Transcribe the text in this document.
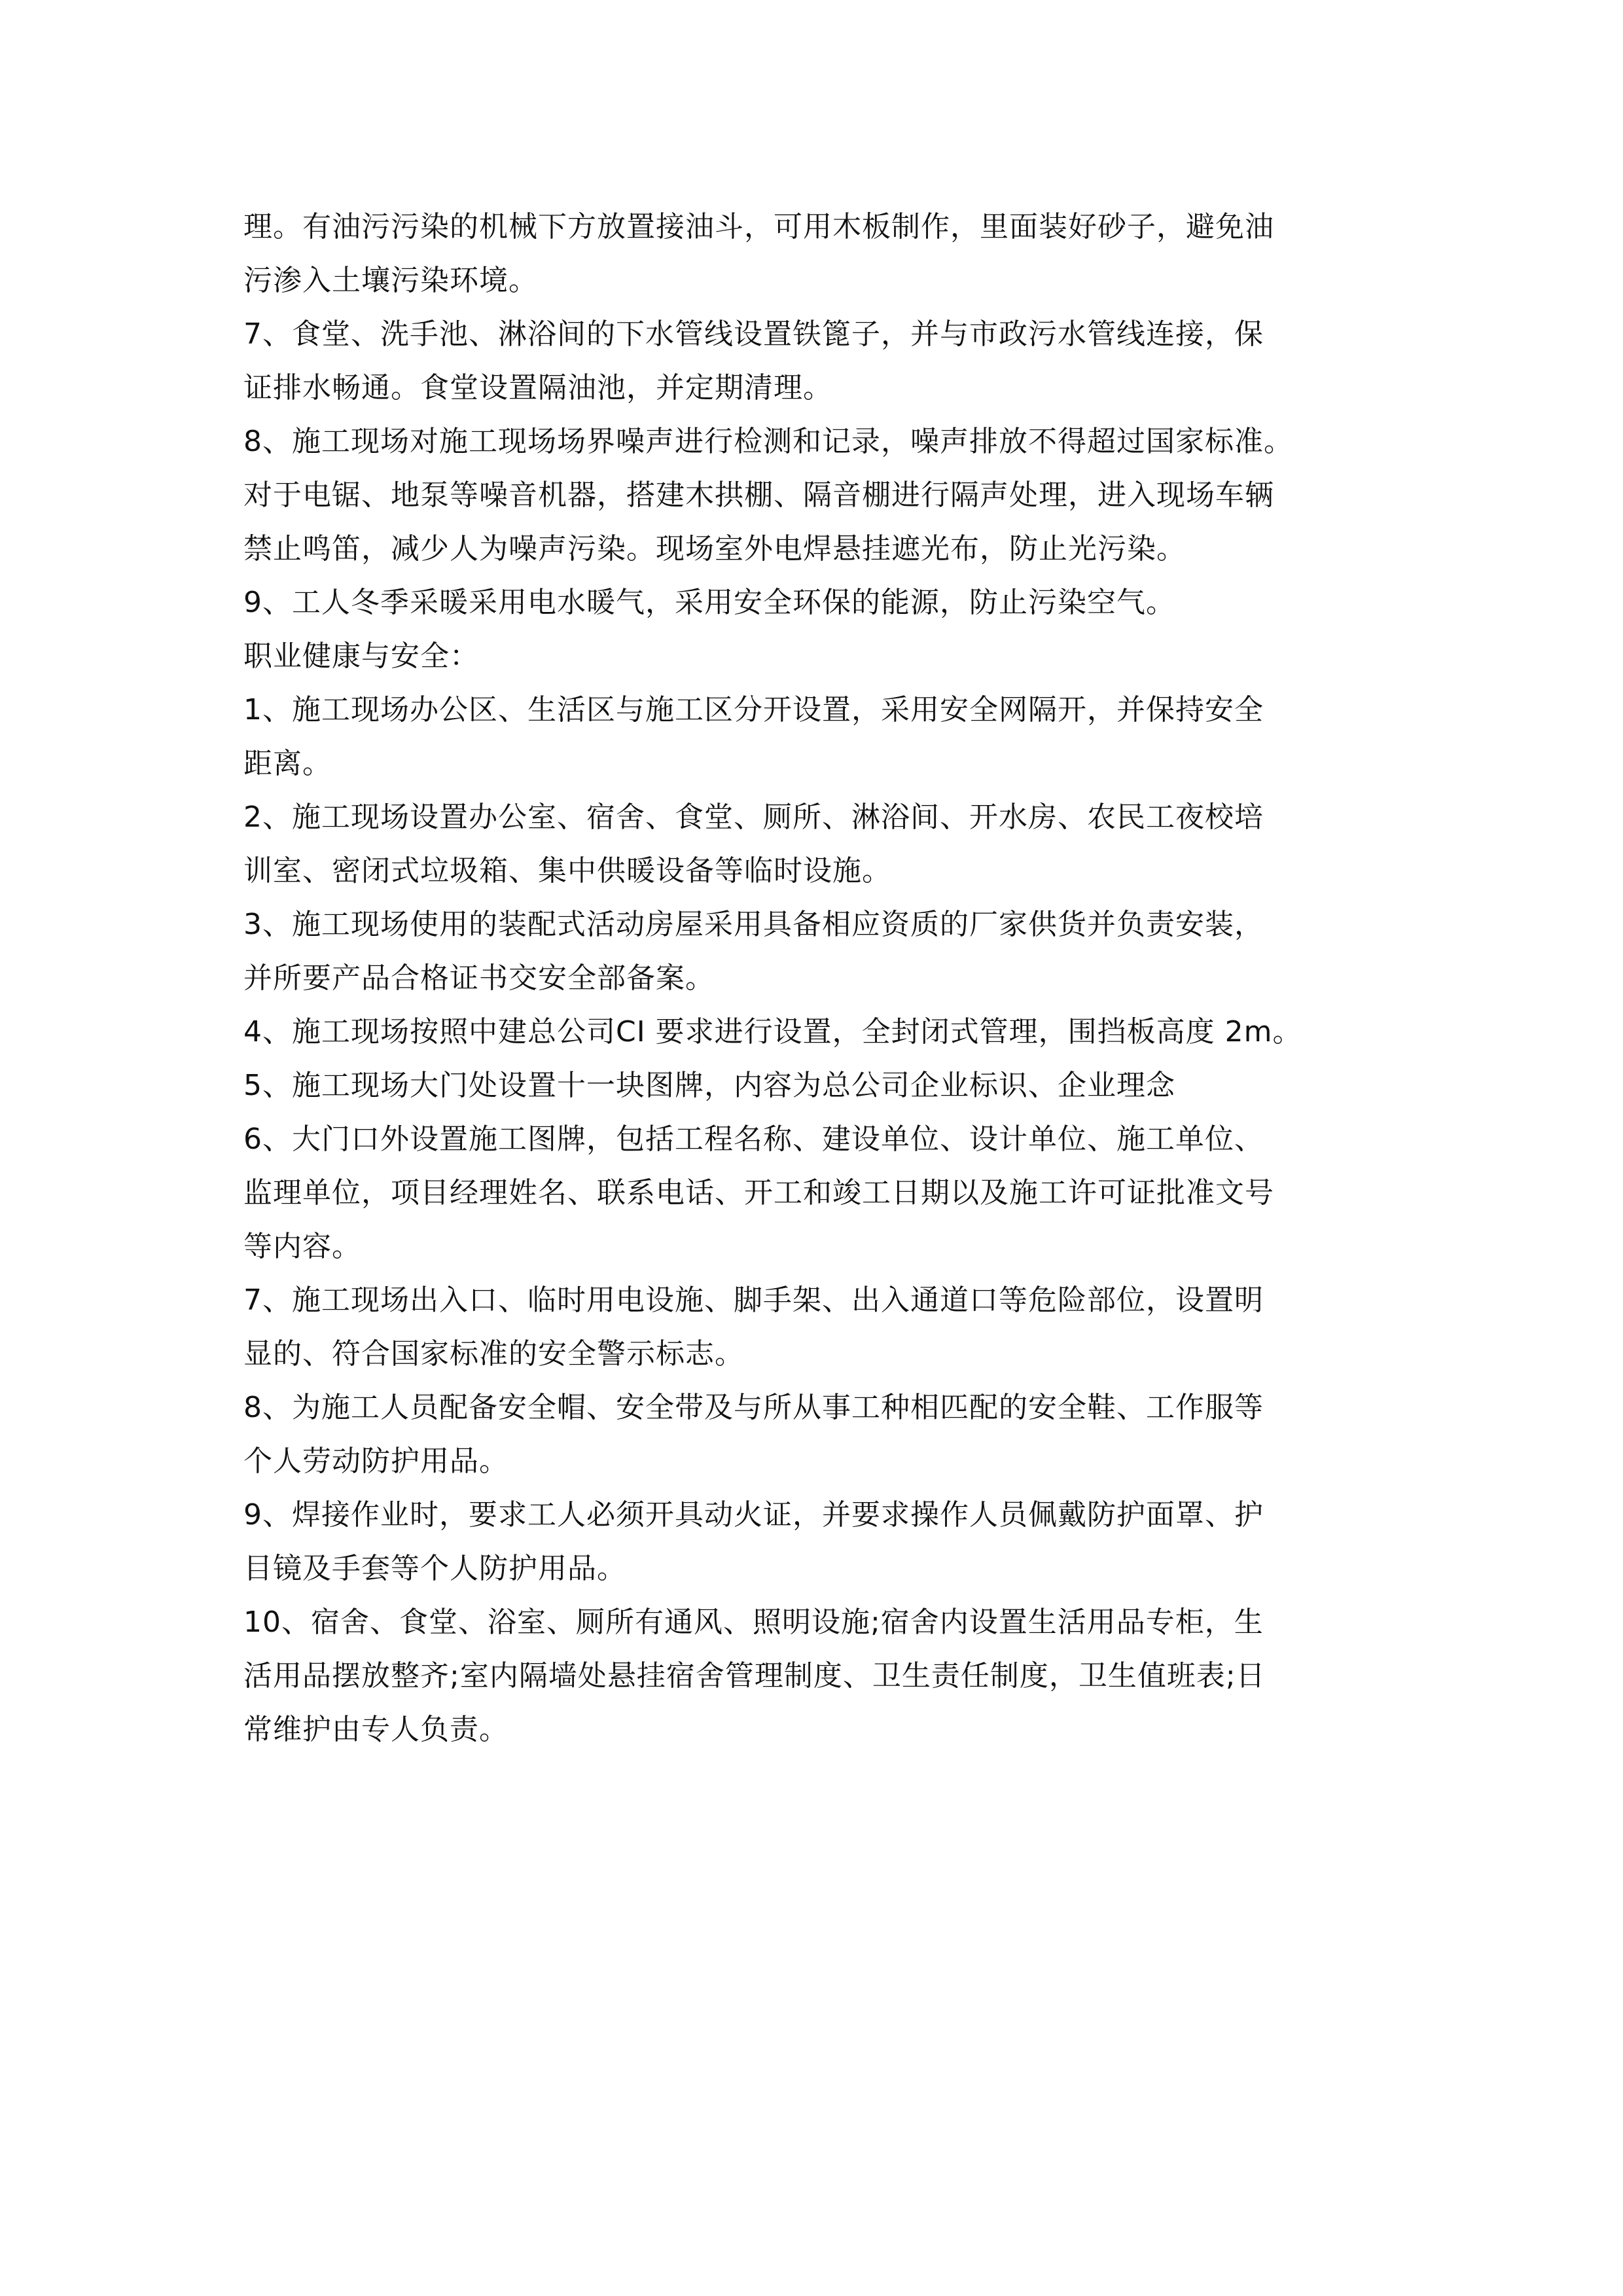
理。有油污污染的机械下方放置接油斗，可用木板制作，里面装好砂子，避免油
污渗入土壤污染环境。

7、食堂、洗手池、淋浴间的下水管线设置铁篦子，并与市政污水管线连接，保
证排水畅通。食堂设置隔油池，并定期清理。

8、施工现场对施工现场场界噪声进行检测和记录，噪声排放不得超过国家标准。
对于电锯、地泵等噪音机器，搭建木拱棚、隔音棚进行隔声处理，进入现场车辆
禁止鸣笛，减少人为噪声污染。现场室外电焊悬挂遮光布，防止光污染。

9、工人冬季采暖采用电水暖气，采用安全环保的能源，防止污染空气。

职业健康与安全：

1、施工现场办公区、生活区与施工区分开设置，采用安全网隔开，并保持安全
距离。

2、施工现场设置办公室、宿舍、食堂、厕所、淋浴间、开水房、农民工夜校培
训室、密闭式垃圾箱、集中供暖设备等临时设施。

3、施工现场使用的装配式活动房屋采用具备相应资质的厂家供货并负责安装，
并所要产品合格证书交安全部备案。

4、施工现场按照中建总公司CI 要求进行设置，全封闭式管理，围挡板高度 2m。

5、施工现场大门处设置十一块图牌，内容为总公司企业标识、企业理念

6、大门口外设置施工图牌，包括工程名称、建设单位、设计单位、施工单位、
监理单位，项目经理姓名、联系电话、开工和竣工日期以及施工许可证批准文号
等内容。

7、施工现场出入口、临时用电设施、脚手架、出入通道口等危险部位，设置明
显的、符合国家标准的安全警示标志。

8、为施工人员配备安全帽、安全带及与所从事工种相匹配的安全鞋、工作服等
个人劳动防护用品。

9、焊接作业时，要求工人必须开具动火证，并要求操作人员佩戴防护面罩、护
目镜及手套等个人防护用品。

10、宿舍、食堂、浴室、厕所有通风、照明设施;宿舍内设置生活用品专柜，生
活用品摆放整齐;室内隔墙处悬挂宿舍管理制度、卫生责任制度，卫生值班表;日
常维护由专人负责。
